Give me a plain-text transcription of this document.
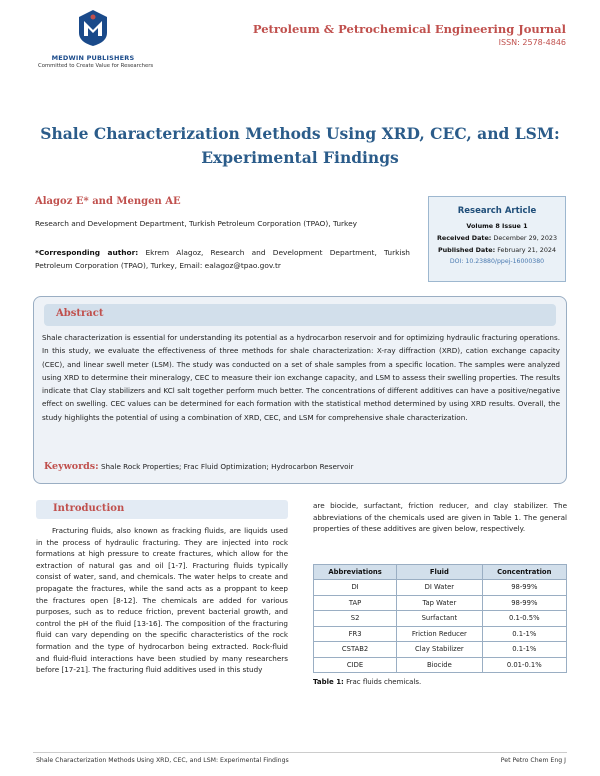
MEDWIN PUBLISHERS
Committed to Create Value for Researchers
Petroleum & Petrochemical Engineering Journal
ISSN: 2578-4846
Shale Characterization Methods Using XRD, CEC, and LSM: Experimental Findings
Alagoz E* and Mengen AE
Research and Development Department, Turkish Petroleum Corporation (TPAO), Turkey
*Corresponding author: Ekrem Alagoz, Research and Development Department, Turkish Petroleum Corporation (TPAO), Turkey, Email: ealagoz@tpao.gov.tr
Research Article
Volume 8 Issue 1
Received Date: December 29, 2023
Published Date: February 21, 2024
DOI: 10.23880/ppej-16000380
Abstract
Shale characterization is essential for understanding its potential as a hydrocarbon reservoir and for optimizing hydraulic fracturing operations. In this study, we evaluate the effectiveness of three methods for shale characterization: X-ray diffraction (XRD), cation exchange capacity (CEC), and linear swell meter (LSM). The study was conducted on a set of shale samples from a specific location. The samples were analyzed using XRD to determine their mineralogy, CEC to measure their ion exchange capacity, and LSM to assess their swelling properties. The results indicate that Clay stabilizers and KCl salt together perform much better. The concentrations of different additives can have a positive/negative effect on swelling. CEC values can be determined for each formation with the statistical method determined by using XRD results. Overall, the study highlights the potential of using a combination of XRD, CEC, and LSM for comprehensive shale characterization.
Keywords: Shale Rock Properties; Frac Fluid Optimization; Hydrocarbon Reservoir
Introduction
Fracturing fluids, also known as fracking fluids, are liquids used in the process of hydraulic fracturing. They are injected into rock formations at high pressure to create fractures, which allow for the extraction of natural gas and oil [1-7]. Fracturing fluids typically consist of water, sand, and chemicals. The water helps to create and propagate the fractures, while the sand acts as a proppant to keep the fractures open [8-12]. The chemicals are added for various purposes, such as to reduce friction, prevent bacterial growth, and control the pH of the fluid [13-16]. The composition of the fracturing fluid can vary depending on the specific characteristics of the rock formation and the type of hydrocarbon being extracted. Rock-fluid and fluid-fluid interactions have been studied by many researchers before [17-21]. The fracturing fluid additives used in this study
are biocide, surfactant, friction reducer, and clay stabilizer. The abbreviations of the chemicals used are given in Table 1. The general properties of these additives are given below, respectively.
Abbreviations	Fluid	Concentration
DI	DI Water	98-99%
TAP	Tap Water	98-99%
S2	Surfactant	0.1-0.5%
FR3	Friction Reducer	0.1-1%
CSTAB2	Clay Stabilizer	0.1-1%
CIDE	Biocide	0.01-0.1%
Table 1: Frac fluids chemicals.
Shale Characterization Methods Using XRD, CEC, and LSM: Experimental Findings	Pet Petro Chem Eng J
